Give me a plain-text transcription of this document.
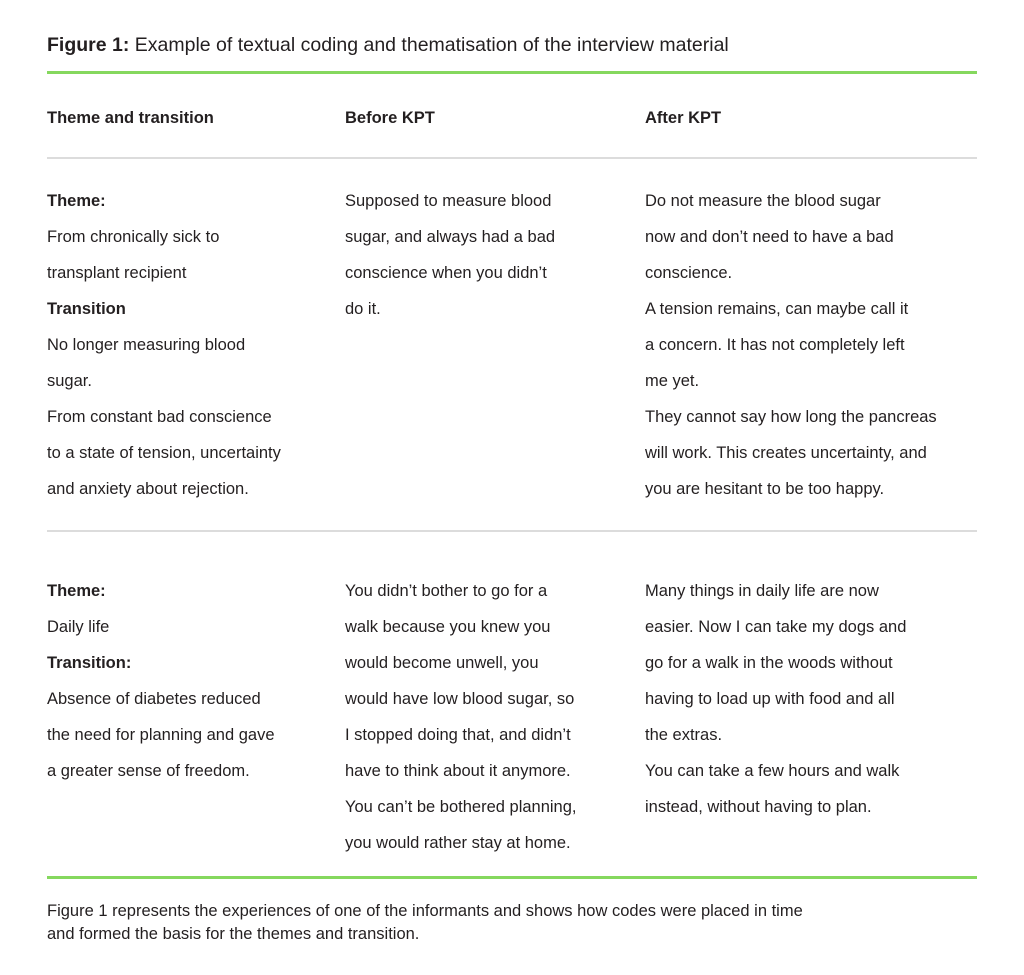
Figure 1: Example of textual coding and thematisation of the interview material
Theme and transition	Before KPT	After KPT
Theme:
From chronically sick to
transplant recipient
Transition
No longer measuring blood
sugar.
From constant bad conscience
to a state of tension, uncertainty
and anxiety about rejection.
Supposed to measure blood
sugar, and always had a bad
conscience when you didn’t
do it.
Do not measure the blood sugar
now and don’t need to have a bad
conscience.
A tension remains, can maybe call it
a concern. It has not completely left
me yet.
They cannot say how long the pancreas
will work. This creates uncertainty, and
you are hesitant to be too happy.
Theme:
Daily life
Transition:
Absence of diabetes reduced
the need for planning and gave
a greater sense of freedom.
You didn’t bother to go for a
walk because you knew you
would become unwell, you
would have low blood sugar, so
I stopped doing that, and didn’t
have to think about it anymore.
You can’t be bothered planning,
you would rather stay at home.
Many things in daily life are now
easier. Now I can take my dogs and
go for a walk in the woods without
having to load up with food and all
the extras.
You can take a few hours and walk
instead, without having to plan.
Figure 1 represents the experiences of one of the informants and shows how codes were placed in time
and formed the basis for the themes and transition.
